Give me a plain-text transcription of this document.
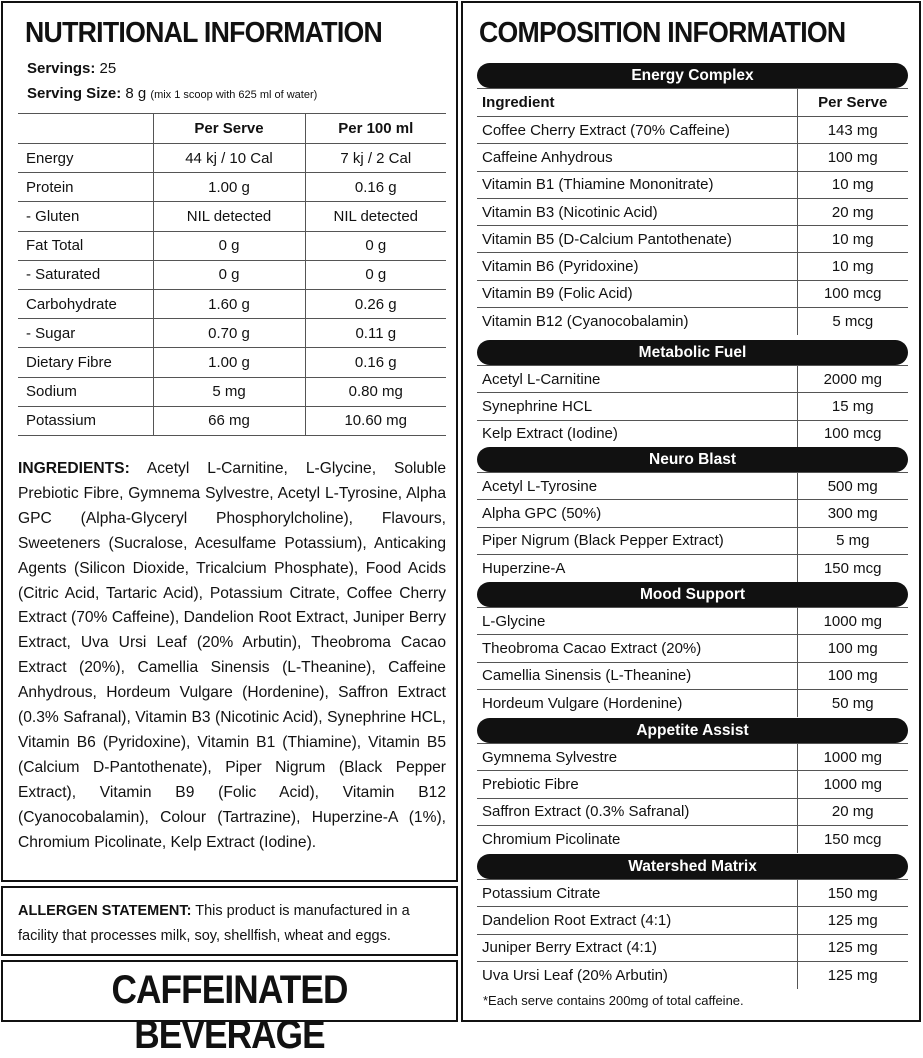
NUTRITIONAL INFORMATION
Servings: 25
Serving Size: 8 g (mix 1 scoop with 625 ml of water)
	Per Serve	Per 100 ml
Energy	44 kj / 10 Cal	7 kj / 2 Cal
Protein	1.00 g	0.16 g
- Gluten	NIL detected	NIL detected
Fat Total	0 g	0 g
- Saturated	0 g	0 g
Carbohydrate	1.60 g	0.26 g
- Sugar	0.70 g	0.11 g
Dietary Fibre	1.00 g	0.16 g
Sodium	5 mg	0.80 mg
Potassium	66 mg	10.60 mg
INGREDIENTS: Acetyl L-Carnitine, L-Glycine, Soluble Prebiotic Fibre, Gymnema Sylvestre, Acetyl L-Tyrosine, Alpha GPC (Alpha-Glyceryl Phosphorylcholine), Flavours, Sweeteners (Sucralose, Acesulfame Potassium), Anticaking Agents (Silicon Dioxide, Tricalcium Phosphate), Food Acids (Citric Acid, Tartaric Acid), Potassium Citrate, Coffee Cherry Extract (70% Caffeine), Dandelion Root Extract, Juniper Berry Extract, Uva Ursi Leaf (20% Arbutin), Theobroma Cacao Extract (20%), Camellia Sinensis (L-Theanine), Caffeine Anhydrous, Hordeum Vulgare (Hordenine), Saffron Extract (0.3% Safranal), Vitamin B3 (Nicotinic Acid), Synephrine HCL, Vitamin B6 (Pyridoxine), Vitamin B1 (Thiamine), Vitamin B5 (Calcium D-Pantothenate), Piper Nigrum (Black Pepper Extract), Vitamin B9 (Folic Acid), Vitamin B12 (Cyanocobalamin), Colour (Tartrazine), Huperzine-A (1%), Chromium Picolinate, Kelp Extract (Iodine).
ALLERGEN STATEMENT: This product is manufactured in a facility that processes milk, soy, shellfish, wheat and eggs.
CAFFEINATED BEVERAGE
COMPOSITION INFORMATION
Energy Complex
Ingredient	Per Serve
Coffee Cherry Extract (70% Caffeine)	143 mg
Caffeine Anhydrous	100 mg
Vitamin B1 (Thiamine Mononitrate)	10 mg
Vitamin B3 (Nicotinic Acid)	20 mg
Vitamin B5 (D-Calcium Pantothenate)	10 mg
Vitamin B6 (Pyridoxine)	10 mg
Vitamin B9 (Folic Acid)	100 mcg
Vitamin B12 (Cyanocobalamin)	5 mcg
Metabolic Fuel
Acetyl L-Carnitine	2000 mg
Synephrine HCL	15 mg
Kelp Extract (Iodine)	100 mcg
Neuro Blast
Acetyl L-Tyrosine	500 mg
Alpha GPC (50%)	300 mg
Piper Nigrum (Black Pepper Extract)	5 mg
Huperzine-A	150 mcg
Mood Support
L-Glycine	1000 mg
Theobroma Cacao Extract (20%)	100 mg
Camellia Sinensis (L-Theanine)	100 mg
Hordeum Vulgare (Hordenine)	50 mg
Appetite Assist
Gymnema Sylvestre	1000 mg
Prebiotic Fibre	1000 mg
Saffron Extract (0.3% Safranal)	20 mg
Chromium Picolinate	150 mcg
Watershed Matrix
Potassium Citrate	150 mg
Dandelion Root Extract (4:1)	125 mg
Juniper Berry Extract (4:1)	125 mg
Uva Ursi Leaf (20% Arbutin)	125 mg
*Each serve contains 200mg of total caffeine.
